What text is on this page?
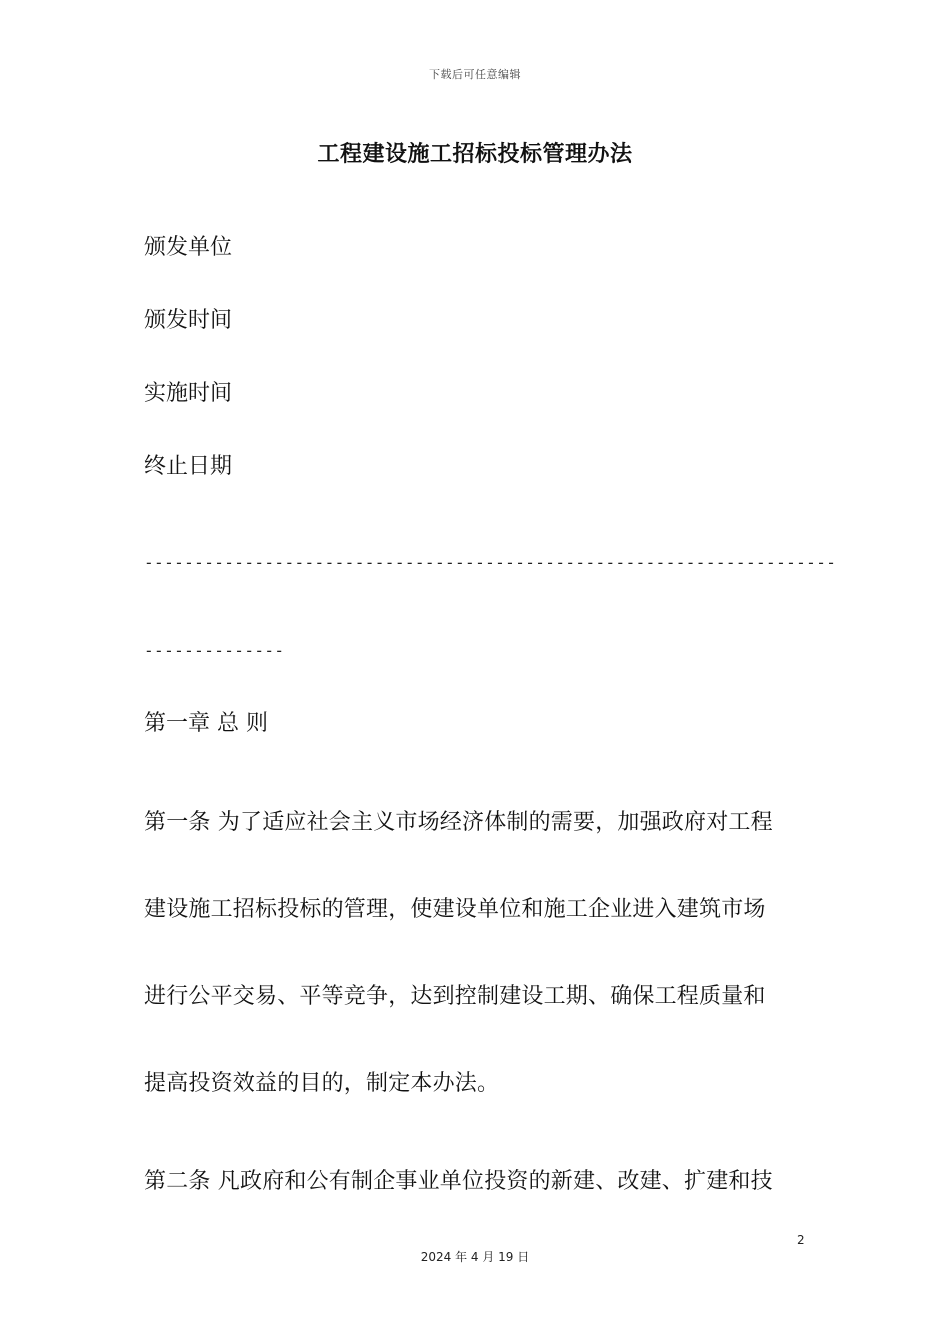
下载后可任意编辑
工程建设施工招标投标管理办法
颁发单位
颁发时间
实施时间
终止日期
---------------------------------------------------------------------
--------------
第一章 总 则
第一条 为了适应社会主义市场经济体制的需要，加强政府对工程
建设施工招标投标的管理，使建设单位和施工企业进入建筑市场
进行公平交易、平等竞争，达到控制建设工期、确保工程质量和
提高投资效益的目的，制定本办法。
第二条 凡政府和公有制企事业单位投资的新建、改建、扩建和技
2
2024 年 4 月 19 日
